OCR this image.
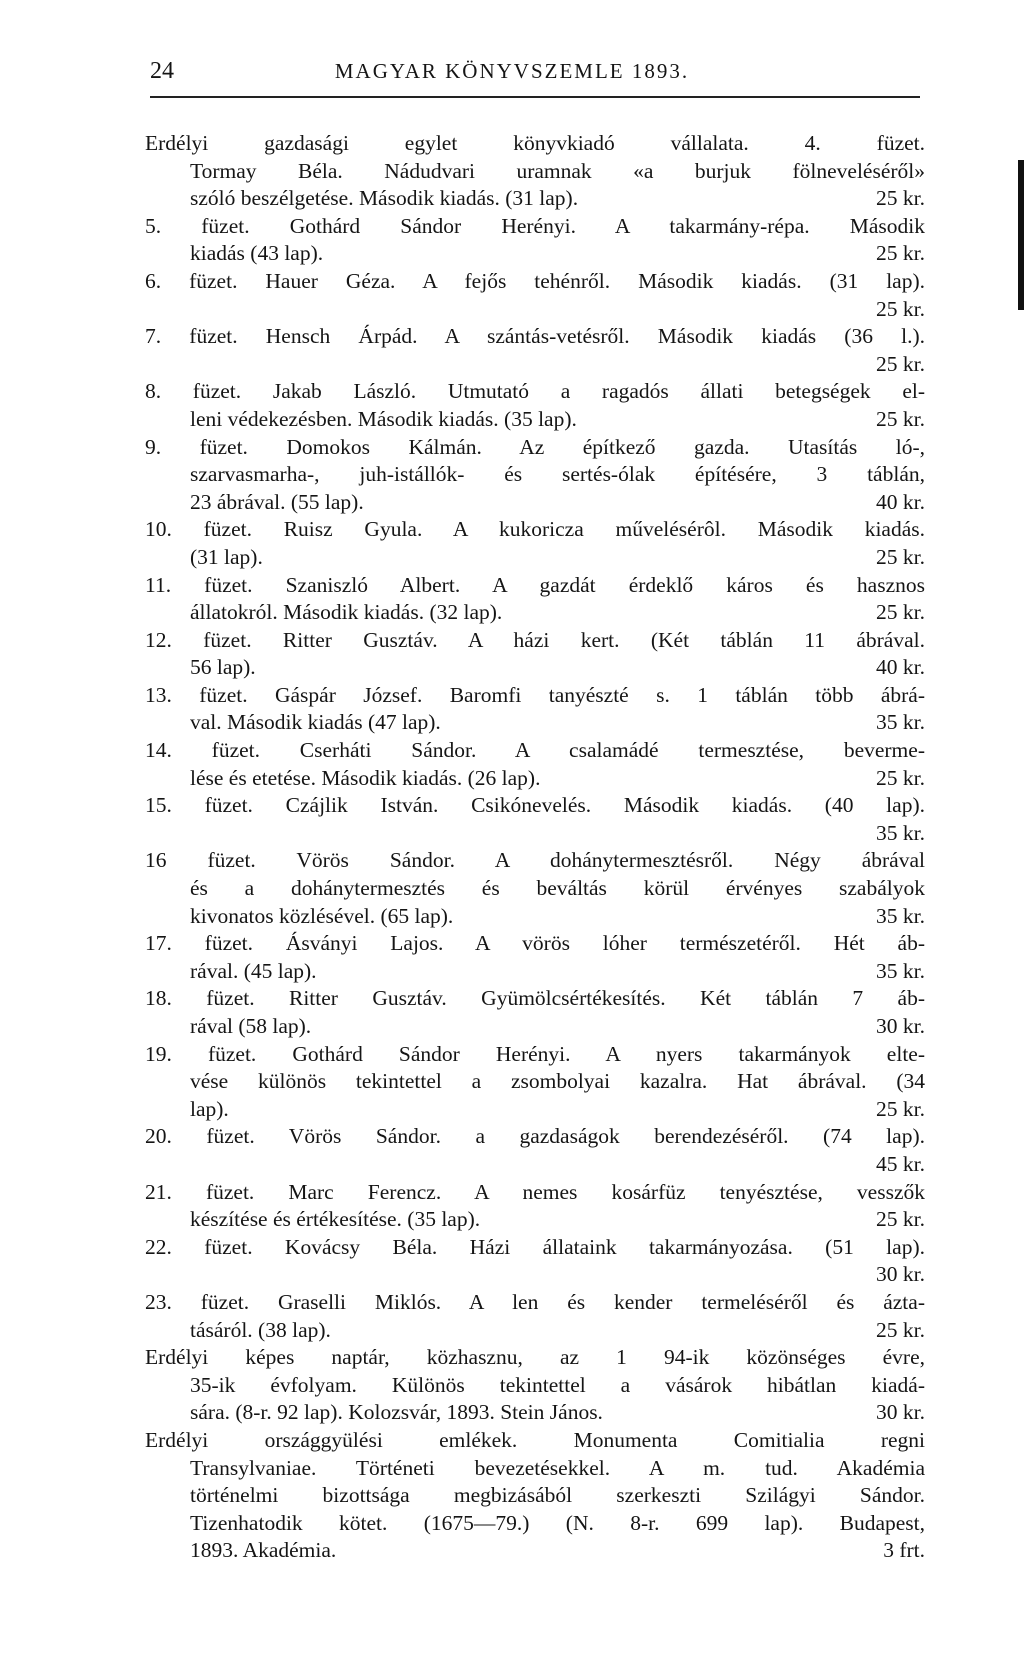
24	MAGYAR KÖNYVSZEMLE 1893.
Erdélyi gazdasági egylet könyvkiadó vállalata. 4. füzet.
Tormay Béla. Nádudvari uramnak «a burjuk fölneveléséről»
szóló beszélgetése. Második kiadás. (31 lap).	25 kr.
5. füzet. Gothárd Sándor Herényi. A takarmány-répa. Második
kiadás (43 lap).	25 kr.
6. füzet. Hauer Géza. A fejős tehénről. Második kiadás. (31 lap).
25 kr.
7. füzet. Hensch Árpád. A szántás-vetésről. Második kiadás (36 l.).
25 kr.
8. füzet. Jakab László. Utmutató a ragadós állati betegségek el-
leni védekezésben. Második kiadás. (35 lap).	25 kr.
9. füzet. Domokos Kálmán. Az építkező gazda. Utasítás ló-,
szarvasmarha-, juh-istállók- és sertés-ólak építésére, 3 táblán,
23 ábrával. (55 lap).	40 kr.
10. füzet. Ruisz Gyula. A kukoricza művelésérôl. Második kiadás.
(31 lap).	25 kr.
11. füzet. Szaniszló Albert. A gazdát érdeklő káros és hasznos
állatokról. Második kiadás. (32 lap).	25 kr.
12. füzet. Ritter Gusztáv. A házi kert. (Két táblán 11 ábrával.
56 lap).	40 kr.
13. füzet. Gáspár József. Baromfi tanyészté s. 1 táblán több ábrá-
val. Második kiadás (47 lap).	35 kr.
14. füzet. Cserháti Sándor. A csalamádé termesztése, beverme-
lése és etetése. Második kiadás. (26 lap).	25 kr.
15. füzet. Czájlik István. Csikónevelés. Második kiadás. (40 lap).
35 kr.
16 füzet. Vörös Sándor. A dohánytermesztésről. Négy ábrával
és a dohánytermesztés és beváltás körül érvényes szabályok
kivonatos közlésével. (65 lap).	35 kr.
17. füzet. Ásványi Lajos. A vörös lóher természetéről. Hét áb-
rával. (45 lap).	35 kr.
18. füzet. Ritter Gusztáv. Gyümölcsértékesítés. Két táblán 7 áb-
rával (58 lap).	30 kr.
19. füzet. Gothárd Sándor Herényi. A nyers takarmányok elte-
vése különös tekintettel a zsombolyai kazalra. Hat ábrával. (34
lap).	25 kr.
20. füzet. Vörös Sándor. a gazdaságok berendezéséről. (74 lap).
45 kr.
21. füzet. Marc Ferencz. A nemes kosárfüz tenyésztése, vesszők
készítése és értékesítése. (35 lap).	25 kr.
22. füzet. Kovácsy Béla. Házi állataink takarmányozása. (51 lap).
30 kr.
23. füzet. Graselli Miklós. A len és kender termeléséről és ázta-
tásáról. (38 lap).	25 kr.
Erdélyi képes naptár, közhasznu, az 1 94-ik közönséges évre,
35-ik évfolyam. Különös tekintettel a vásárok hibátlan kiadá-
sára. (8-r. 92 lap). Kolozsvár, 1893. Stein János.	30 kr.
Erdélyi országgyülési emlékek. Monumenta Comitialia regni
Transylvaniae. Történeti bevezetésekkel. A m. tud. Akadémia
történelmi bizottsága megbizásából szerkeszti Szilágyi Sándor.
Tizenhatodik kötet. (1675—79.) (N. 8-r. 699 lap). Budapest,
1893. Akadémia.	3 frt.
